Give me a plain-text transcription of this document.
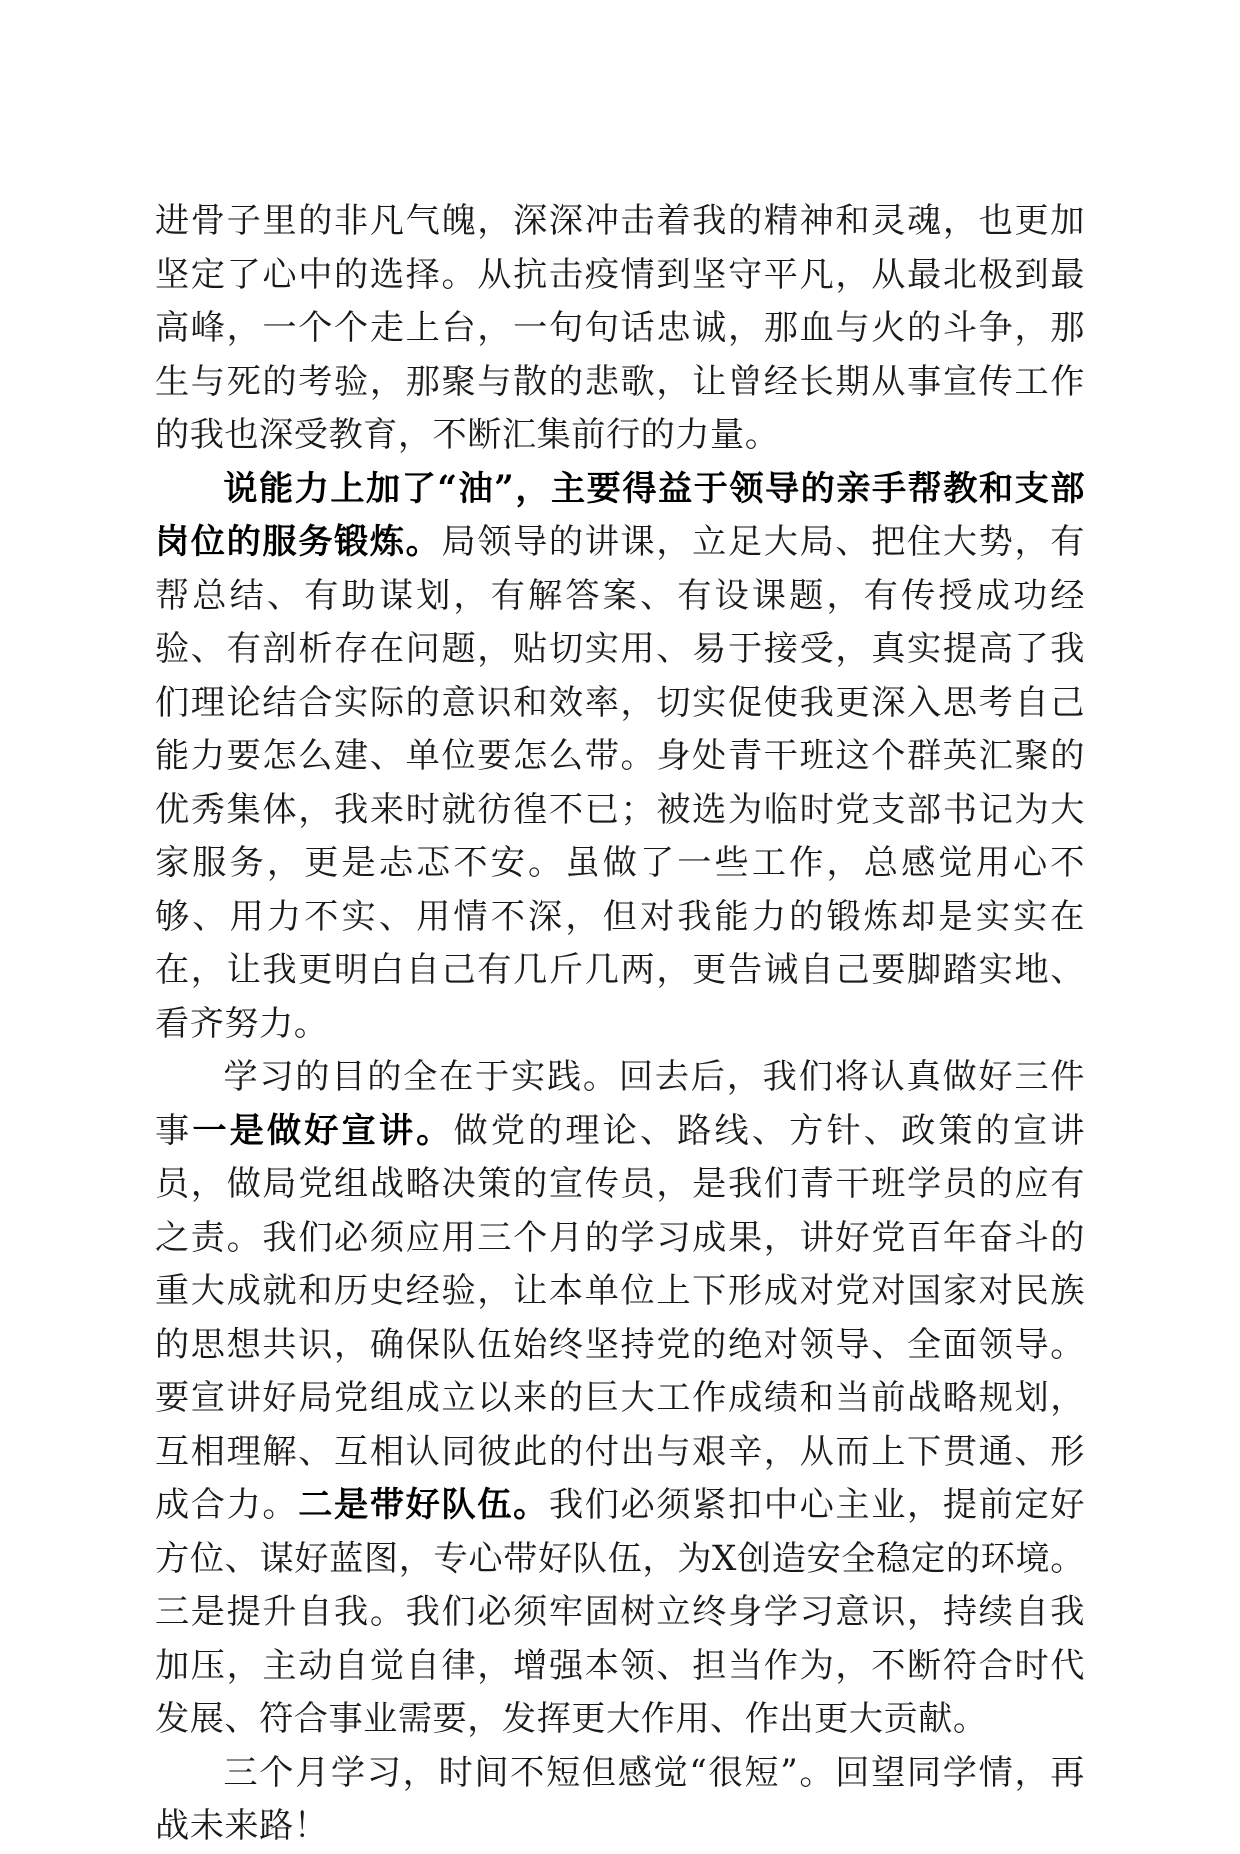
进骨子里的非凡气魄，深深冲击着我的精神和灵魂，也更加坚定了心中的选择。从抗击疫情到坚守平凡，从最北极到最高峰，一个个走上台，一句句话忠诚，那血与火的斗争，那生与死的考验，那聚与散的悲歌，让曾经长期从事宣传工作的我也深受教育，不断汇集前行的力量。

说能力上加了“油”，主要得益于领导的亲手帮教和支部岗位的服务锻炼。局领导的讲课，立足大局、把住大势，有帮总结、有助谋划，有解答案、有设课题，有传授成功经验、有剖析存在问题，贴切实用、易于接受，真实提高了我们理论结合实际的意识和效率，切实促使我更深入思考自己能力要怎么建、单位要怎么带。身处青干班这个群英汇聚的优秀集体，我来时就彷徨不已；被选为临时党支部书记为大家服务，更是忐忑不安。虽做了一些工作，总感觉用心不够、用力不实、用情不深，但对我能力的锻炼却是实实在在，让我更明白自己有几斤几两，更告诫自己要脚踏实地、看齐努力。

学习的目的全在于实践。回去后，我们将认真做好三件事一是做好宣讲。做党的理论、路线、方针、政策的宣讲员，做局党组战略决策的宣传员，是我们青干班学员的应有之责。我们必须应用三个月的学习成果，讲好党百年奋斗的重大成就和历史经验，让本单位上下形成对党对国家对民族的思想共识，确保队伍始终坚持党的绝对领导、全面领导。要宣讲好局党组成立以来的巨大工作成绩和当前战略规划，互相理解、互相认同彼此的付出与艰辛，从而上下贯通、形成合力。二是带好队伍。我们必须紧扣中心主业，提前定好方位、谋好蓝图，专心带好队伍，为X创造安全稳定的环境。三是提升自我。我们必须牢固树立终身学习意识，持续自我加压，主动自觉自律，增强本领、担当作为，不断符合时代发展、符合事业需要，发挥更大作用、作出更大贡献。

三个月学习，时间不短但感觉“很短”。回望同学情，再战未来路！
